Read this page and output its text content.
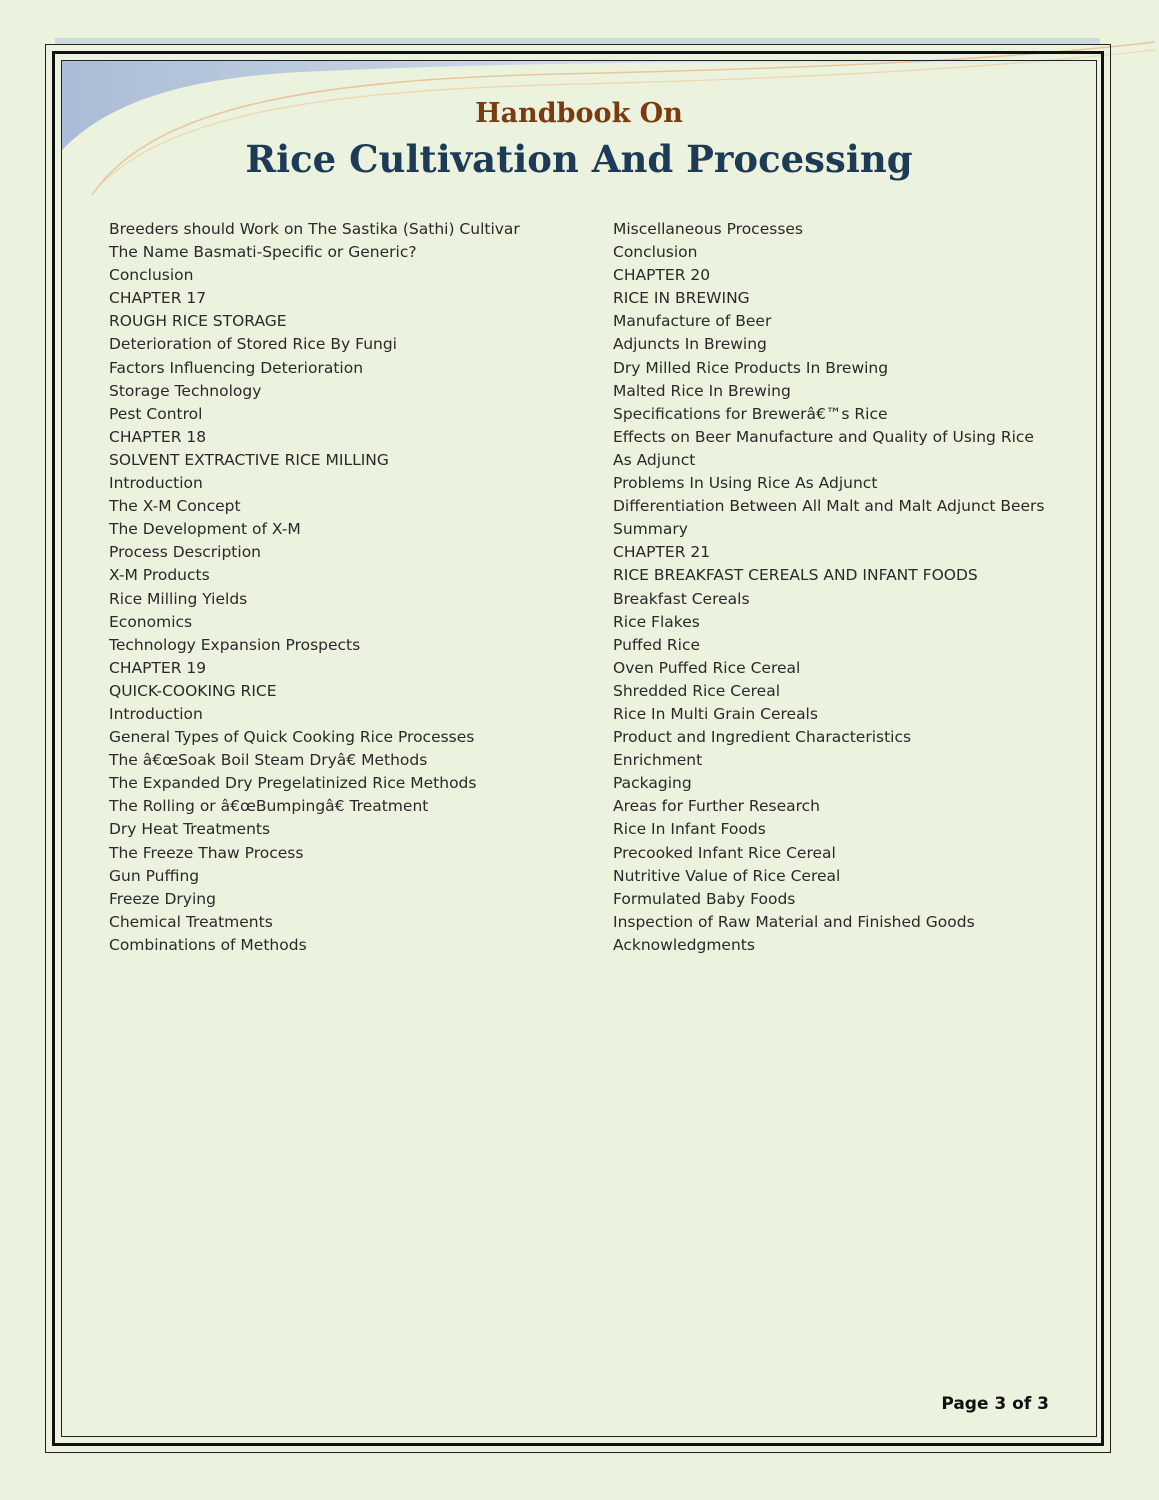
Handbook On
Rice Cultivation And Processing
Breeders should Work on The Sastika (Sathi) Cultivar
The Name Basmati-Specific or Generic?
Conclusion
CHAPTER 17
ROUGH RICE STORAGE
Deterioration of Stored Rice By Fungi
Factors Influencing Deterioration
Storage Technology
Pest Control
CHAPTER 18
SOLVENT EXTRACTIVE RICE MILLING
Introduction
The X-M Concept
The Development of X-M
Process Description
X-M Products
Rice Milling Yields
Economics
Technology Expansion Prospects
CHAPTER 19
QUICK-COOKING RICE
Introduction
General Types of Quick Cooking Rice Processes
The â€œSoak Boil Steam Dryâ€ Methods
The Expanded Dry Pregelatinized Rice Methods
The Rolling or â€œBumpingâ€ Treatment
Dry Heat Treatments
The Freeze Thaw Process
Gun Puffing
Freeze Drying
Chemical Treatments
Combinations of Methods
Miscellaneous Processes
Conclusion
CHAPTER 20
RICE IN BREWING
Manufacture of Beer
Adjuncts In Brewing
Dry Milled Rice Products In Brewing
Malted Rice In Brewing
Specifications for Brewerâ€™s Rice
Effects on Beer Manufacture and Quality of Using Rice
As Adjunct
Problems In Using Rice As Adjunct
Differentiation Between All Malt and Malt Adjunct Beers
Summary
CHAPTER 21
RICE BREAKFAST CEREALS AND INFANT FOODS
Breakfast Cereals
Rice Flakes
Puffed Rice
Oven Puffed Rice Cereal
Shredded Rice Cereal
Rice In Multi Grain Cereals
Product and Ingredient Characteristics
Enrichment
Packaging
Areas for Further Research
Rice In Infant Foods
Precooked Infant Rice Cereal
Nutritive Value of Rice Cereal
Formulated Baby Foods
Inspection of Raw Material and Finished Goods
Acknowledgments
Page 3 of 3
